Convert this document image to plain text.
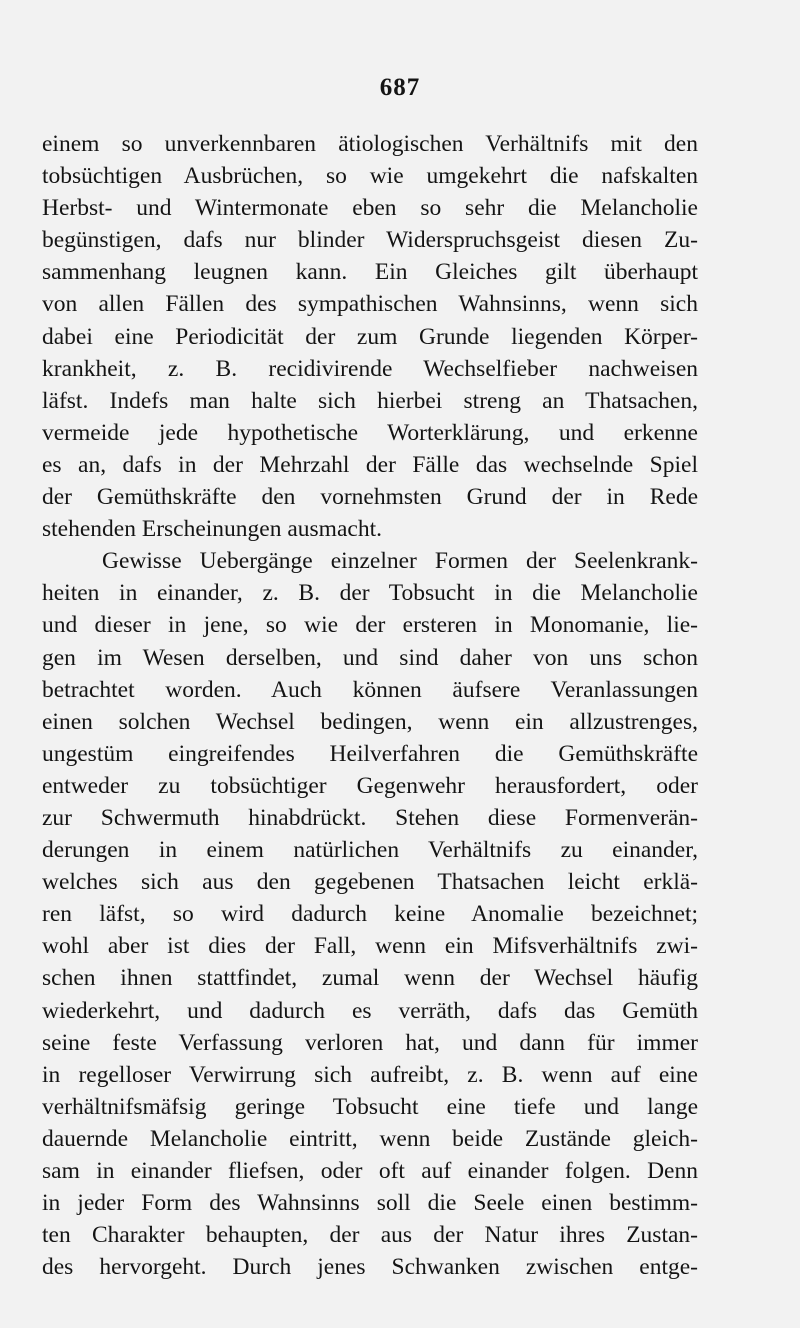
687
einem so unverkennbaren ätiologischen Verhältnifs mit den
tobsüchtigen Ausbrüchen, so wie umgekehrt die nafskalten
Herbst- und Wintermonate eben so sehr die Melancholie
begünstigen, dafs nur blinder Widerspruchsgeist diesen Zu-
sammenhang leugnen kann. Ein Gleiches gilt überhaupt
von allen Fällen des sympathischen Wahnsinns, wenn sich
dabei eine Periodicität der zum Grunde liegenden Körper-
krankheit, z. B. recidivirende Wechselfieber nachweisen
läfst. Indefs man halte sich hierbei streng an Thatsachen,
vermeide jede hypothetische Worterklärung, und erkenne
es an, dafs in der Mehrzahl der Fälle das wechselnde Spiel
der Gemüthskräfte den vornehmsten Grund der in Rede
stehenden Erscheinungen ausmacht.
Gewisse Uebergänge einzelner Formen der Seelenkrank-
heiten in einander, z. B. der Tobsucht in die Melancholie
und dieser in jene, so wie der ersteren in Monomanie, lie-
gen im Wesen derselben, und sind daher von uns schon
betrachtet worden. Auch können äufsere Veranlassungen
einen solchen Wechsel bedingen, wenn ein allzustrenges,
ungestüm eingreifendes Heilverfahren die Gemüthskräfte
entweder zu tobsüchtiger Gegenwehr herausfordert, oder
zur Schwermuth hinabdrückt. Stehen diese Formenverän-
derungen in einem natürlichen Verhältnifs zu einander,
welches sich aus den gegebenen Thatsachen leicht erklä-
ren läfst, so wird dadurch keine Anomalie bezeichnet;
wohl aber ist dies der Fall, wenn ein Mifsverhältnifs zwi-
schen ihnen stattfindet, zumal wenn der Wechsel häufig
wiederkehrt, und dadurch es verräth, dafs das Gemüth
seine feste Verfassung verloren hat, und dann für immer
in regelloser Verwirrung sich aufreibt, z. B. wenn auf eine
verhältnifsmäfsig geringe Tobsucht eine tiefe und lange
dauernde Melancholie eintritt, wenn beide Zustände gleich-
sam in einander fliefsen, oder oft auf einander folgen. Denn
in jeder Form des Wahnsinns soll die Seele einen bestimm-
ten Charakter behaupten, der aus der Natur ihres Zustan-
des hervorgeht. Durch jenes Schwanken zwischen entge-
